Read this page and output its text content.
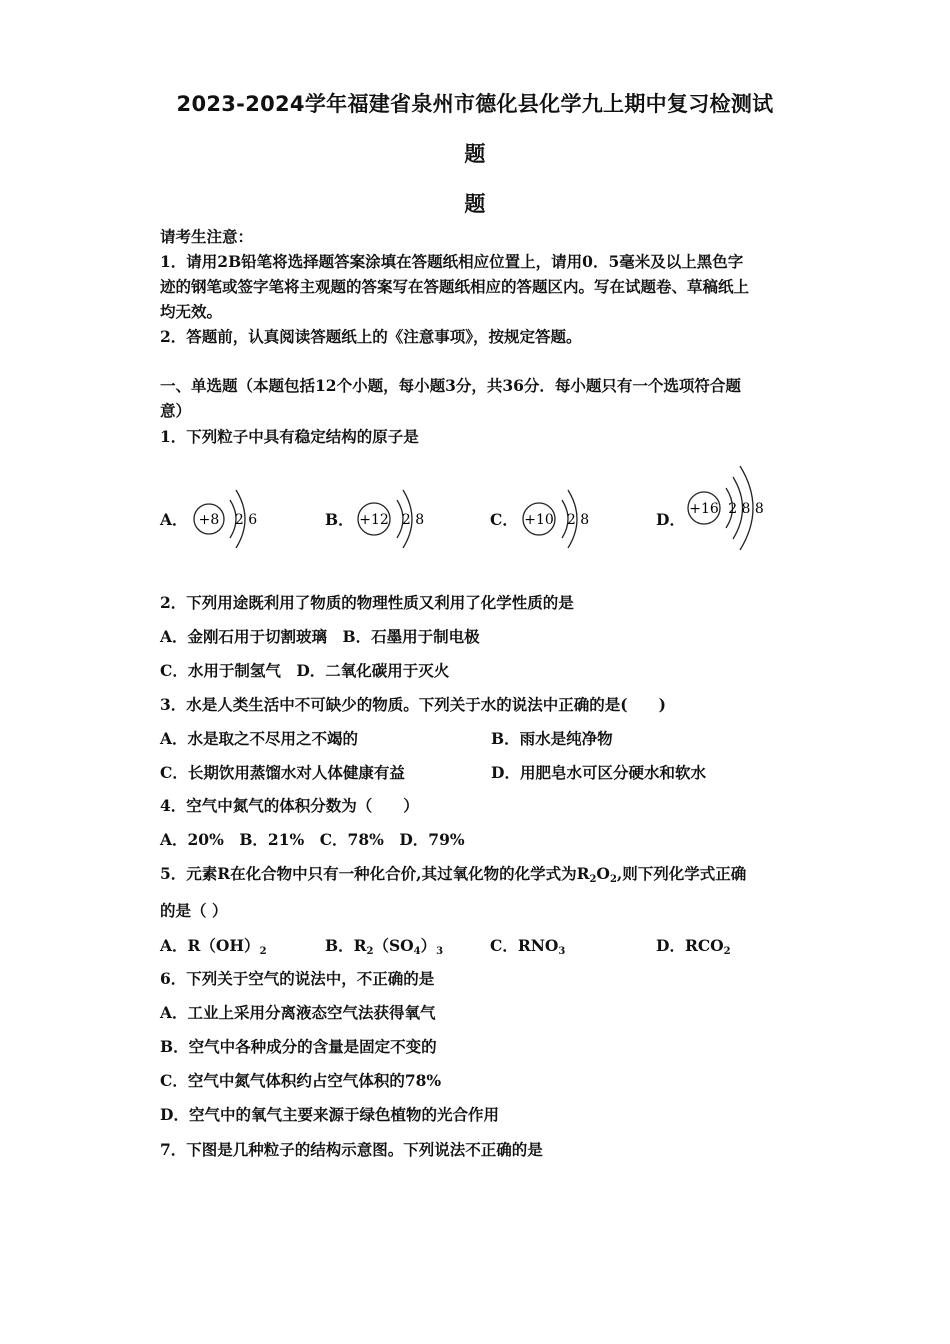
2023-2024学年福建省泉州市德化县化学九上期中复习检测试
题
题
请考生注意：
1．请用2B铅笔将选择题答案涂填在答题纸相应位置上，请用0．5毫米及以上黑色字
迹的钢笔或签字笔将主观题的答案写在答题纸相应的答题区内。写在试题卷、草稿纸上
均无效。
2．答题前，认真阅读答题纸上的《注意事项》，按规定答题。
一、单选题（本题包括12个小题，每小题3分，共36分．每小题只有一个选项符合题
意）
1．下列粒子中具有稳定结构的原子是
A． +8 2 6	B． +12 2 8	C． +10 2 8	D．
+16 2 8 8
2．下列用途既利用了物质的物理性质又利用了化学性质的是
A．金刚石用于切割玻璃　B．石墨用于制电极
C．水用于制氢气　D．二氧化碳用于灭火
3．水是人类生活中不可缺少的物质。下列关于水的说法中正确的是(　　)
A．水是取之不尽用之不竭的	B．雨水是纯净物
C．长期饮用蒸馏水对人体健康有益	D．用肥皂水可区分硬水和软水
4．空气中氮气的体积分数为（　　）
A．20%　B．21%　C．78%　D．79%
5．元素R在化合物中只有一种化合价,其过氧化物的化学式为$R_2O_2$,则下列化学式正确
的是（ ）
A．$R(OH)_2$	B．$R_2(SO_4)_3$	C．$RNO_3$	D．$RCO_2$
6．下列关于空气的说法中，不正确的是
A．工业上采用分离液态空气法获得氧气
B．空气中各种成分的含量是固定不变的
C．空气中氮气体积约占空气体积的78%
D．空气中的氧气主要来源于绿色植物的光合作用
7．下图是几种粒子的结构示意图。下列说法不正确的是
